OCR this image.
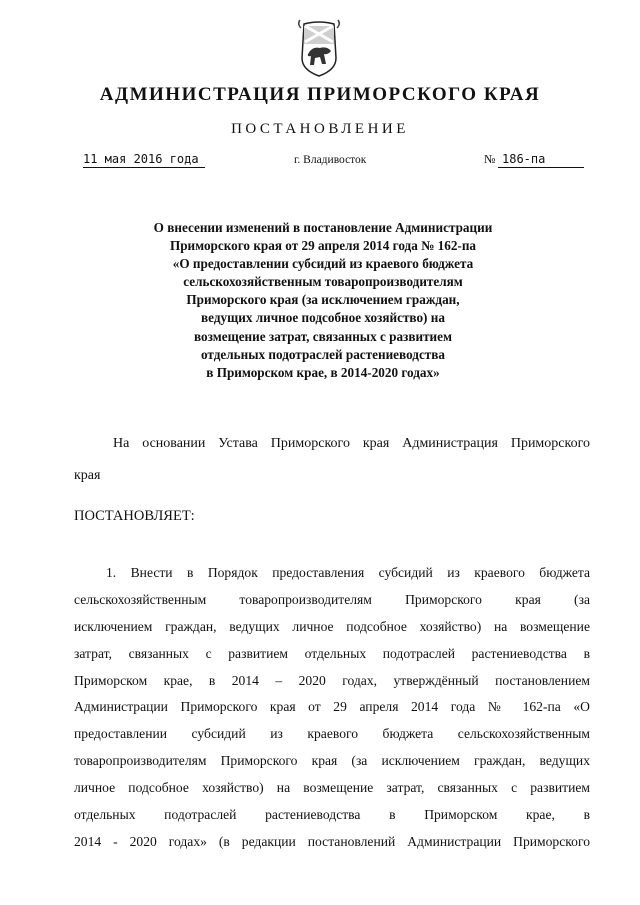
АДМИНИСТРАЦИЯ ПРИМОРСКОГО КРАЯ
ПОСТАНОВЛЕНИЕ
11 мая 2016 года	г. Владивосток	№ 186-па
О внесении изменений в постановление Администрации
Приморского края от 29 апреля 2014 года № 162-па
«О предоставлении субсидий из краевого бюджета
сельскохозяйственным товаропроизводителям
Приморского края (за исключением граждан,
ведущих личное подсобное хозяйство) на
возмещение затрат, связанных с развитием
отдельных подотраслей растениеводства
в Приморском крае, в 2014-2020 годах»
На основании Устава Приморского края Администрация Приморского
края
ПОСТАНОВЛЯЕТ:
1. Внести в Порядок предоставления субсидий из краевого бюджета
сельскохозяйственным товаропроизводителям Приморского края (за
исключением граждан, ведущих личное подсобное хозяйство) на возмещение
затрат, связанных с развитием отдельных подотраслей растениеводства в
Приморском крае, в 2014 – 2020 годах, утверждённый постановлением
Администрации Приморского края от 29 апреля 2014 года № 162-па «О
предоставлении субсидий из краевого бюджета сельскохозяйственным
товаропроизводителям Приморского края (за исключением граждан, ведущих
личное подсобное хозяйство) на возмещение затрат, связанных с развитием
отдельных подотраслей растениеводства в Приморском крае, в
2014 - 2020 годах» (в редакции постановлений Администрации Приморского
